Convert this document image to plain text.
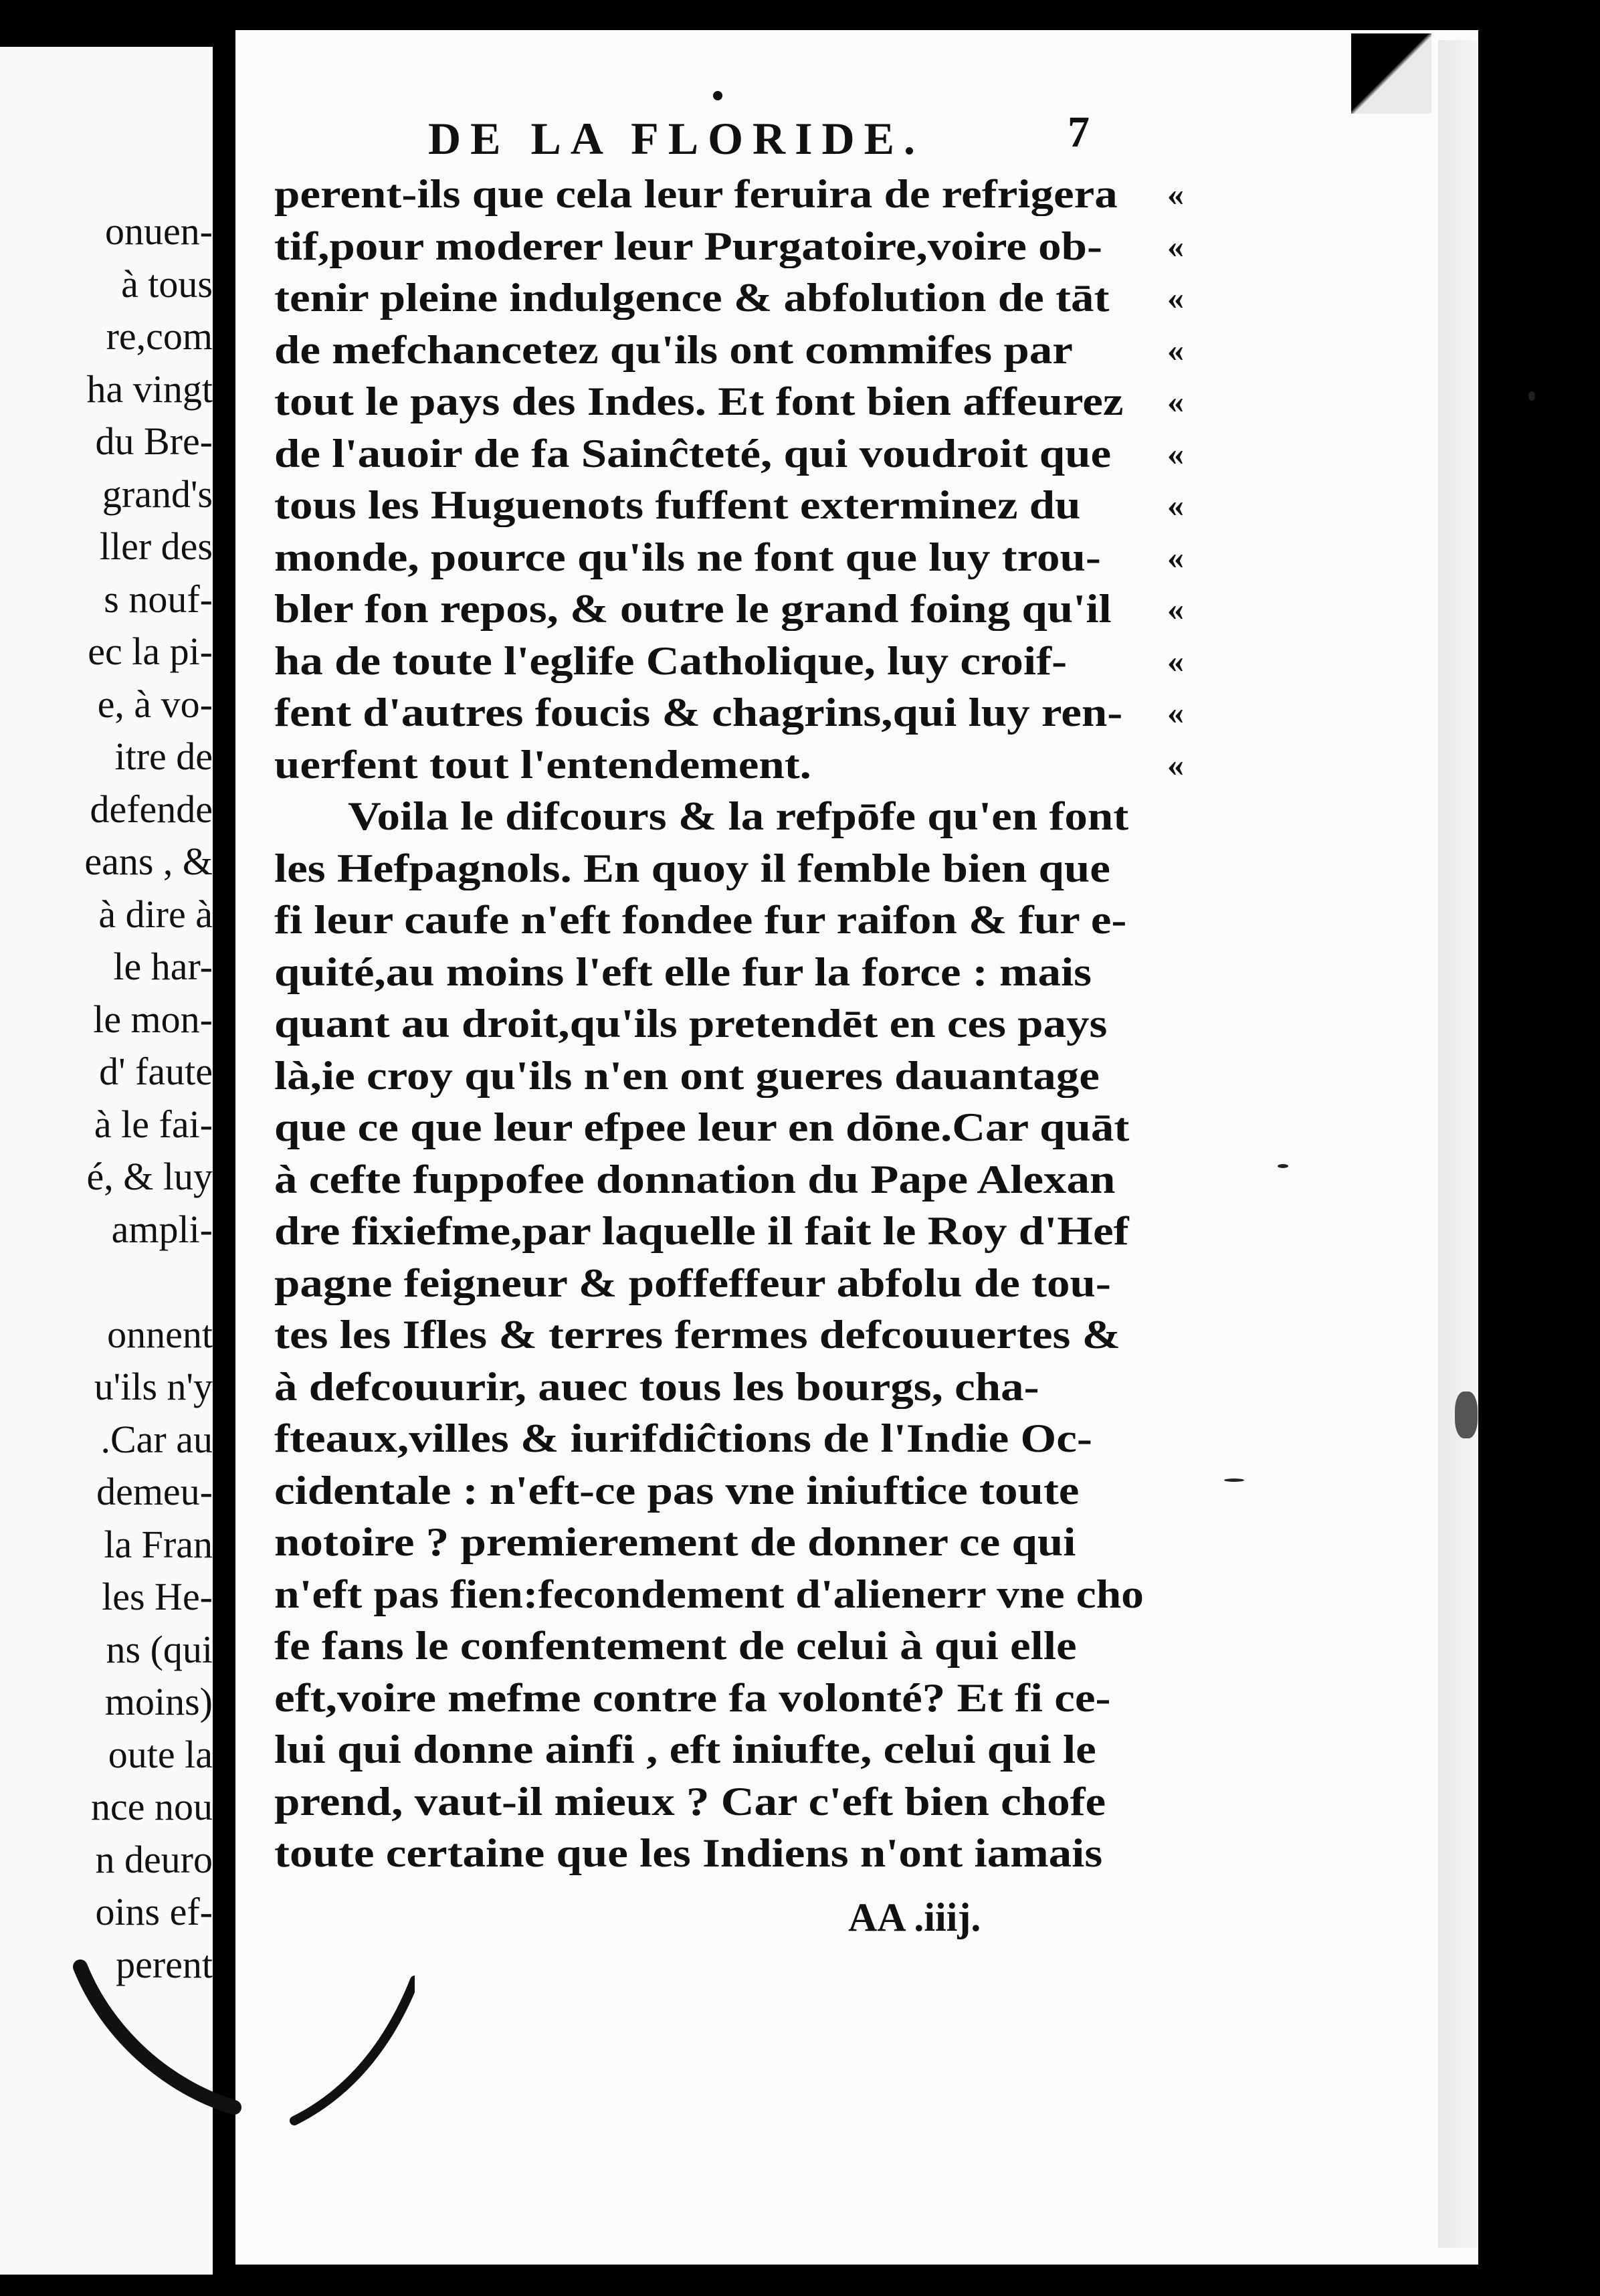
onuen-
à tous
re,com
ha vingt
du Bre-
grand's
ller des
s nouf-
ec la pi-
e, à vo-
itre de
defende
eans , &
à dire à
le har-
le mon-
d' faute
à le fai-
é, & luy
ampli-
onnent
u'ils n'y
.Car au
demeu-
la Fran
les He-
ns (qui
moins)
oute la
nce nou
n deuro
oins ef-
perent
DE LA FLORIDE.	7
perent-ils que cela leur feruira de refrigera «
tif,pour moderer leur Purgatoire,voire ob- «
tenir pleine indulgence & abfolution de tāt «
de mefchancetez qu'ils ont commifes par	«
tout le pays des Indes. Et font bien affeurez «
de l'auoir de fa Sainĉteté, qui voudroit que «
tous les Huguenots fuffent exterminez du	«
monde, pource qu'ils ne font que luy trou- «
bler fon repos, & outre le grand foing qu'il «
ha de toute l'eglife Catholique, luy croif-	«
fent d'autres foucis & chagrins,qui luy ren- «
uerfent tout l'entendement.	«
Voila le difcours & la refpōfe qu'en font
les Hefpagnols. En quoy il femble bien que
fi leur caufe n'eft fondee fur raifon & fur e-
quité,au moins l'eft elle fur la force : mais
quant au droit,qu'ils pretendēt en ces pays
là,ie croy qu'ils n'en ont gueres dauantage
que ce que leur efpee leur en dōne.Car quāt
à cefte fuppofee donnation du Pape Alexan
dre fixiefme,par laquelle il fait le Roy d'Hef
pagne feigneur & poffeffeur abfolu de tou-
tes les Ifles & terres fermes defcouuertes &
à defcouurir, auec tous les bourgs, cha-
fteaux,villes & iurifdiĉtions de l'Indie Oc-
cidentale : n'eft-ce pas vne iniuftice toute
notoire ? premierement de donner ce qui
n'eft pas fien:fecondement d'alienerr vne cho
fe fans le confentement de celui à qui elle
eft,voire mefme contre fa volonté? Et fi ce-
lui qui donne ainfi , eft iniufte, celui qui le
prend, vaut-il mieux ? Car c'eft bien chofe
toute certaine que les Indiens n'ont iamais
AA .iiij.
